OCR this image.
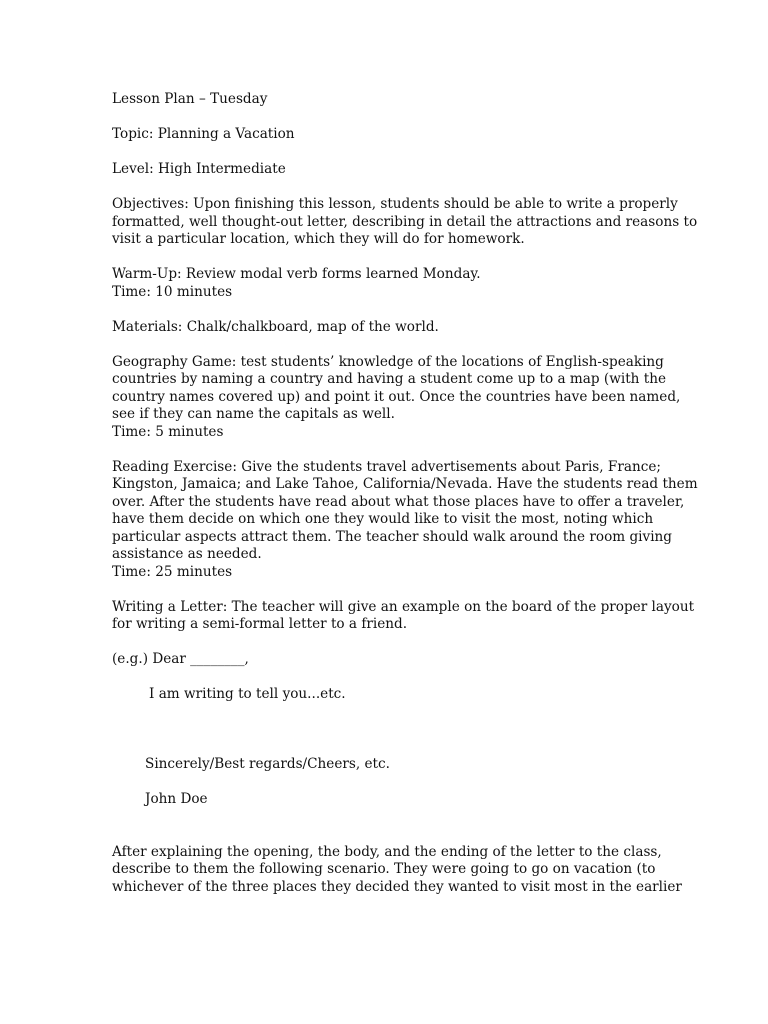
Lesson Plan – Tuesday

Topic: Planning a Vacation

Level: High Intermediate

Objectives: Upon finishing this lesson, students should be able to write a properly
formatted, well thought-out letter, describing in detail the attractions and reasons to
visit a particular location, which they will do for homework.

Warm-Up: Review modal verb forms learned Monday.
Time: 10 minutes

Materials: Chalk/chalkboard, map of the world.

Geography Game: test students’ knowledge of the locations of English-speaking
countries by naming a country and having a student come up to a map (with the
country names covered up) and point it out. Once the countries have been named,
see if they can name the capitals as well.
Time: 5 minutes

Reading Exercise: Give the students travel advertisements about Paris, France;
Kingston, Jamaica; and Lake Tahoe, California/Nevada. Have the students read them
over. After the students have read about what those places have to offer a traveler,
have them decide on which one they would like to visit the most, noting which
particular aspects attract them. The teacher should walk around the room giving
assistance as needed.
Time: 25 minutes

Writing a Letter: The teacher will give an example on the board of the proper layout
for writing a semi-formal letter to a friend.

(e.g.) Dear ________,

I am writing to tell you...etc.

Sincerely/Best regards/Cheers, etc.

John Doe

After explaining the opening, the body, and the ending of the letter to the class,
describe to them the following scenario. They were going to go on vacation (to
whichever of the three places they decided they wanted to visit most in the earlier
